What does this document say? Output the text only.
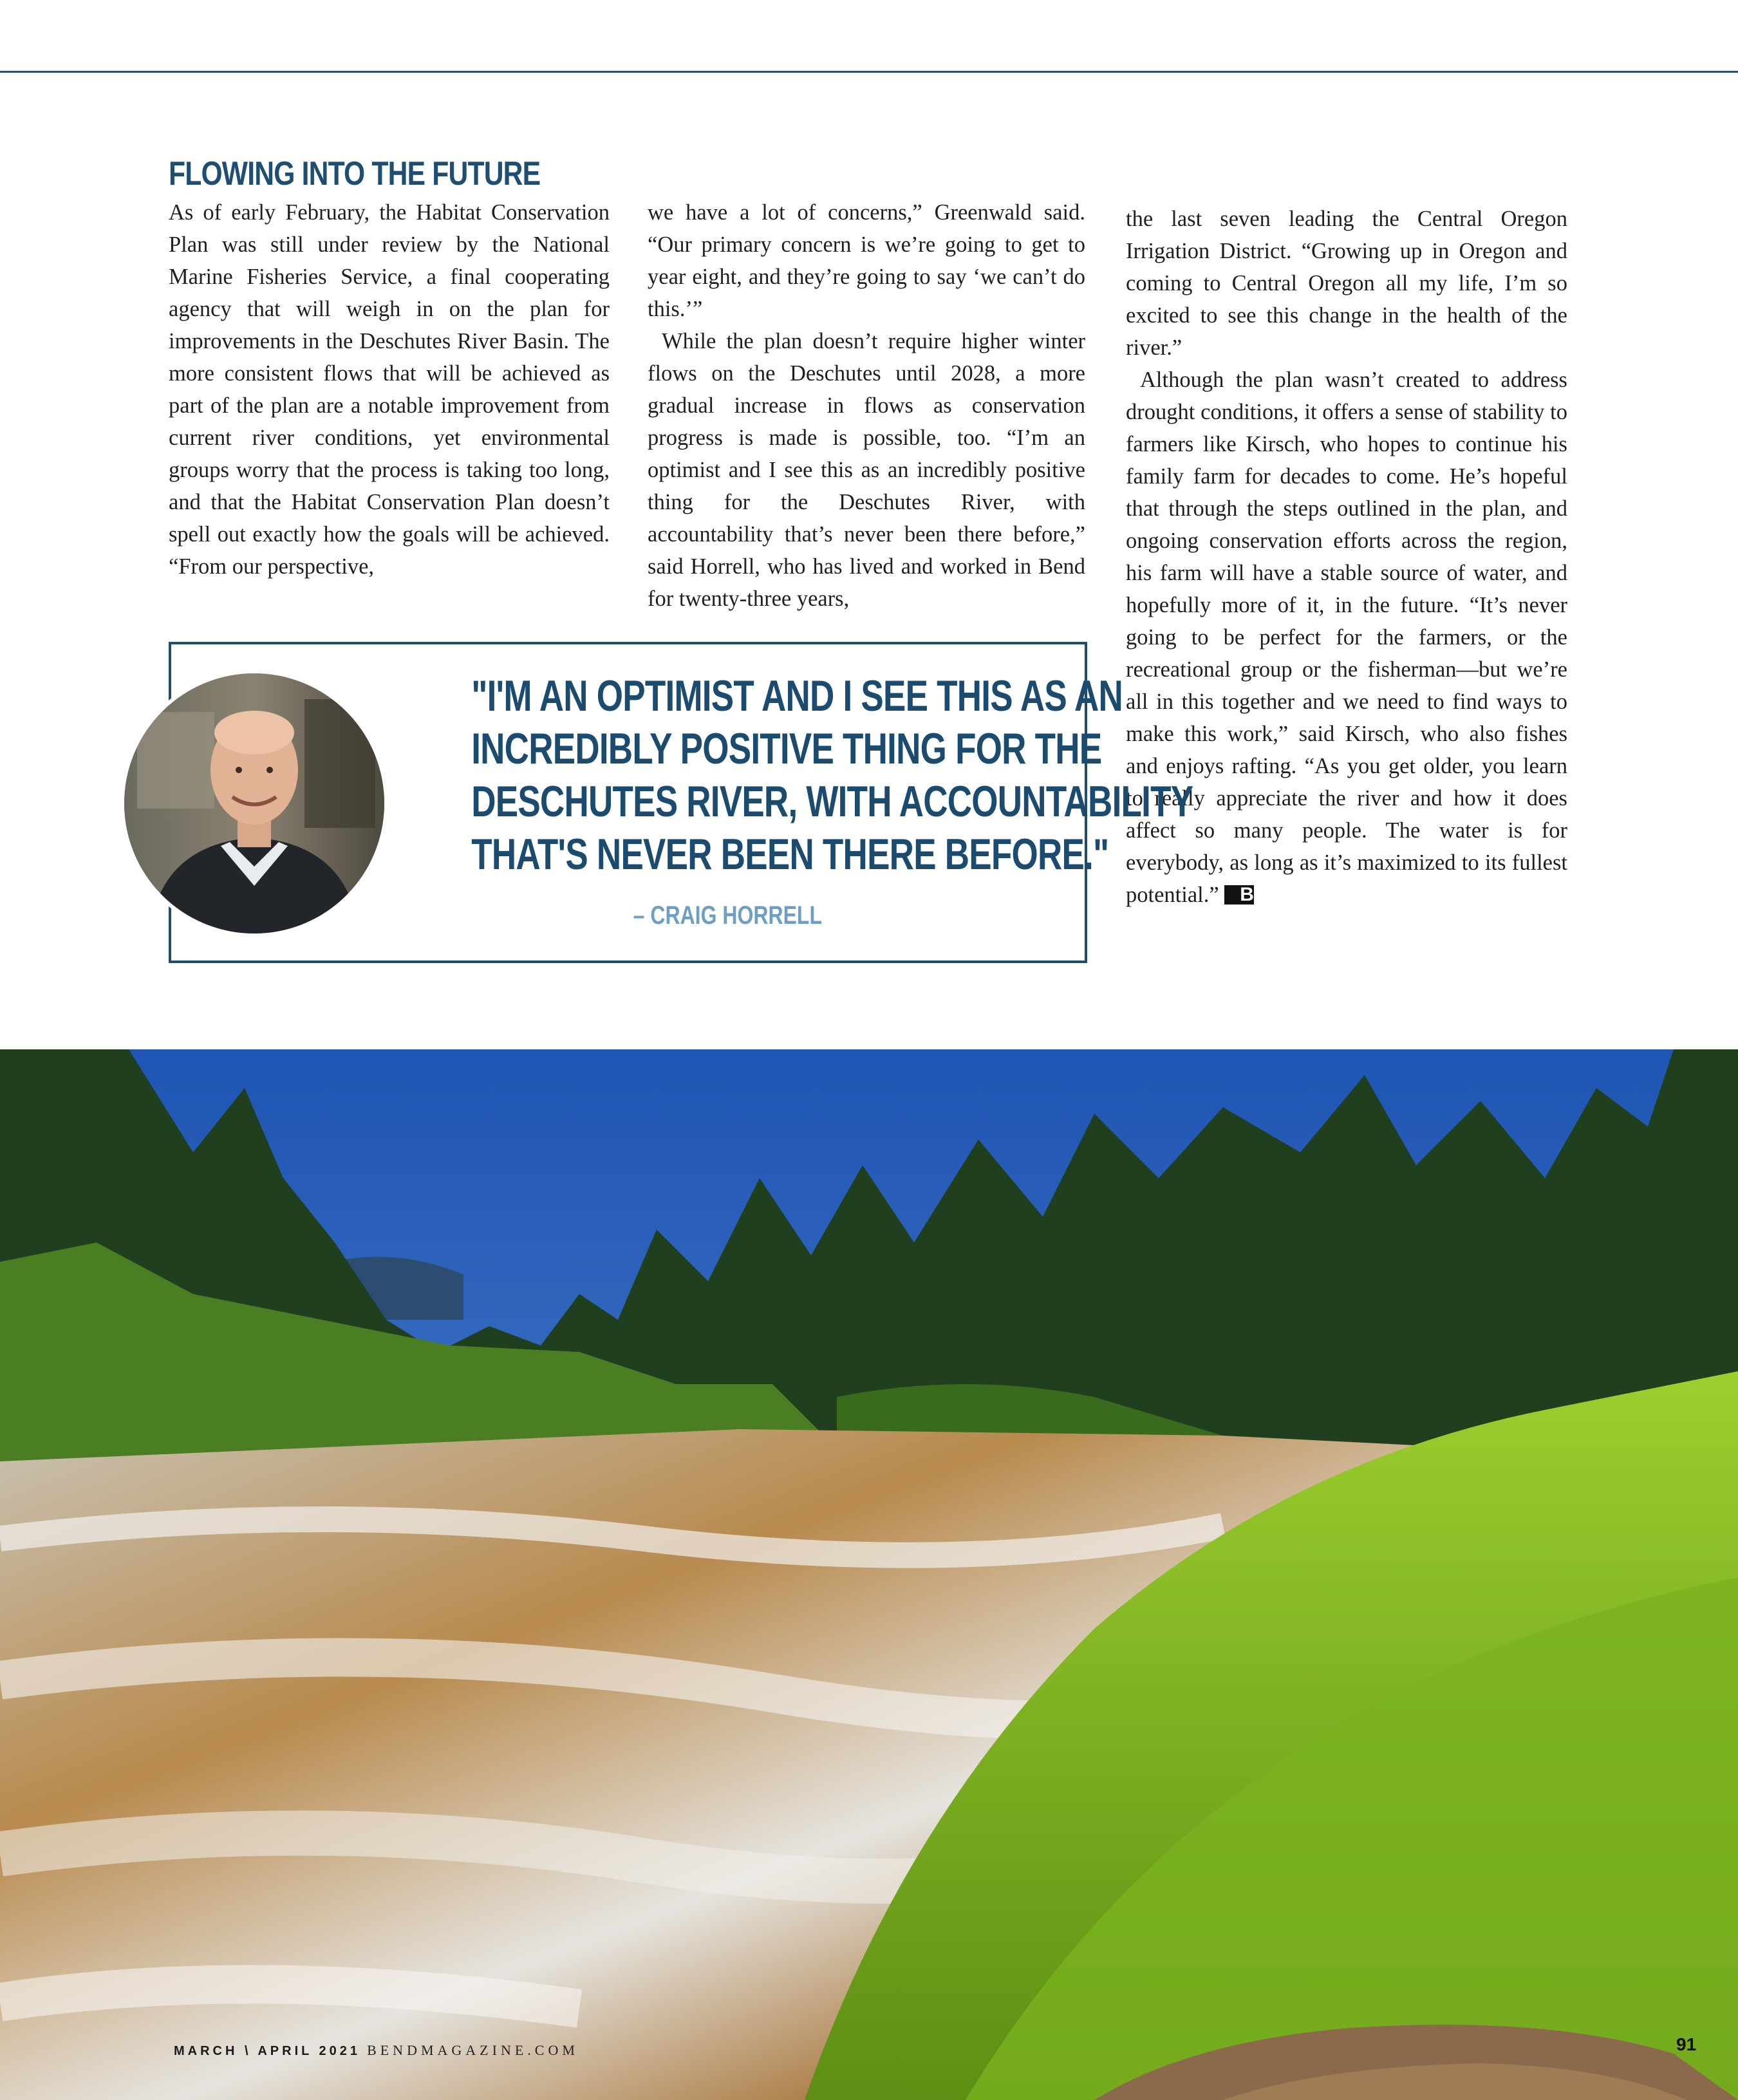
FLOWING INTO THE FUTURE

As of early February, the Habitat Conservation Plan was still under review by the National Marine Fisheries Service, a final cooperating agency that will weigh in on the plan for improvements in the Deschutes River Basin. The more consistent flows that will be achieved as part of the plan are a notable improvement from current river conditions, yet environmental groups worry that the process is taking too long, and that the Habitat Conservation Plan doesn’t spell out exactly how the goals will be achieved. “From our perspective,

we have a lot of concerns,” Greenwald said. “Our primary concern is we’re going to get to year eight, and they’re going to say ‘we can’t do this.’”

While the plan doesn’t require higher winter flows on the Deschutes until 2028, a more gradual increase in flows as conservation progress is made is possible, too. “I’m an optimist and I see this as an incredibly positive thing for the Deschutes River, with accountability that’s never been there before,” said Horrell, who has lived and worked in Bend for twenty-three years,

the last seven leading the Central Oregon Irrigation District. “Growing up in Oregon and coming to Central Oregon all my life, I’m so excited to see this change in the health of the river.”

Although the plan wasn’t created to address drought conditions, it offers a sense of stability to farmers like Kirsch, who hopes to continue his family farm for decades to come. He’s hopeful that through the steps outlined in the plan, and ongoing conservation efforts across the region, his farm will have a stable source of water, and hopefully more of it, in the future. “It’s never going to be perfect for the farmers, or the recreational group or the fisherman—but we’re all in this together and we need to find ways to make this work,” said Kirsch, who also fishes and enjoys rafting. “As you get older, you learn to really appreciate the river and how it does affect so many people. The water is for everybody, as long as it’s maximized to its fullest potential.” B

"I'M AN OPTIMIST AND I SEE THIS AS AN
INCREDIBLY POSITIVE THING FOR THE
DESCHUTES RIVER, WITH ACCOUNTABILITY
THAT'S NEVER BEEN THERE BEFORE."

– CRAIG HORRELL

MARCH \ APRIL 2021 BENDMAGAZINE.COM	91
